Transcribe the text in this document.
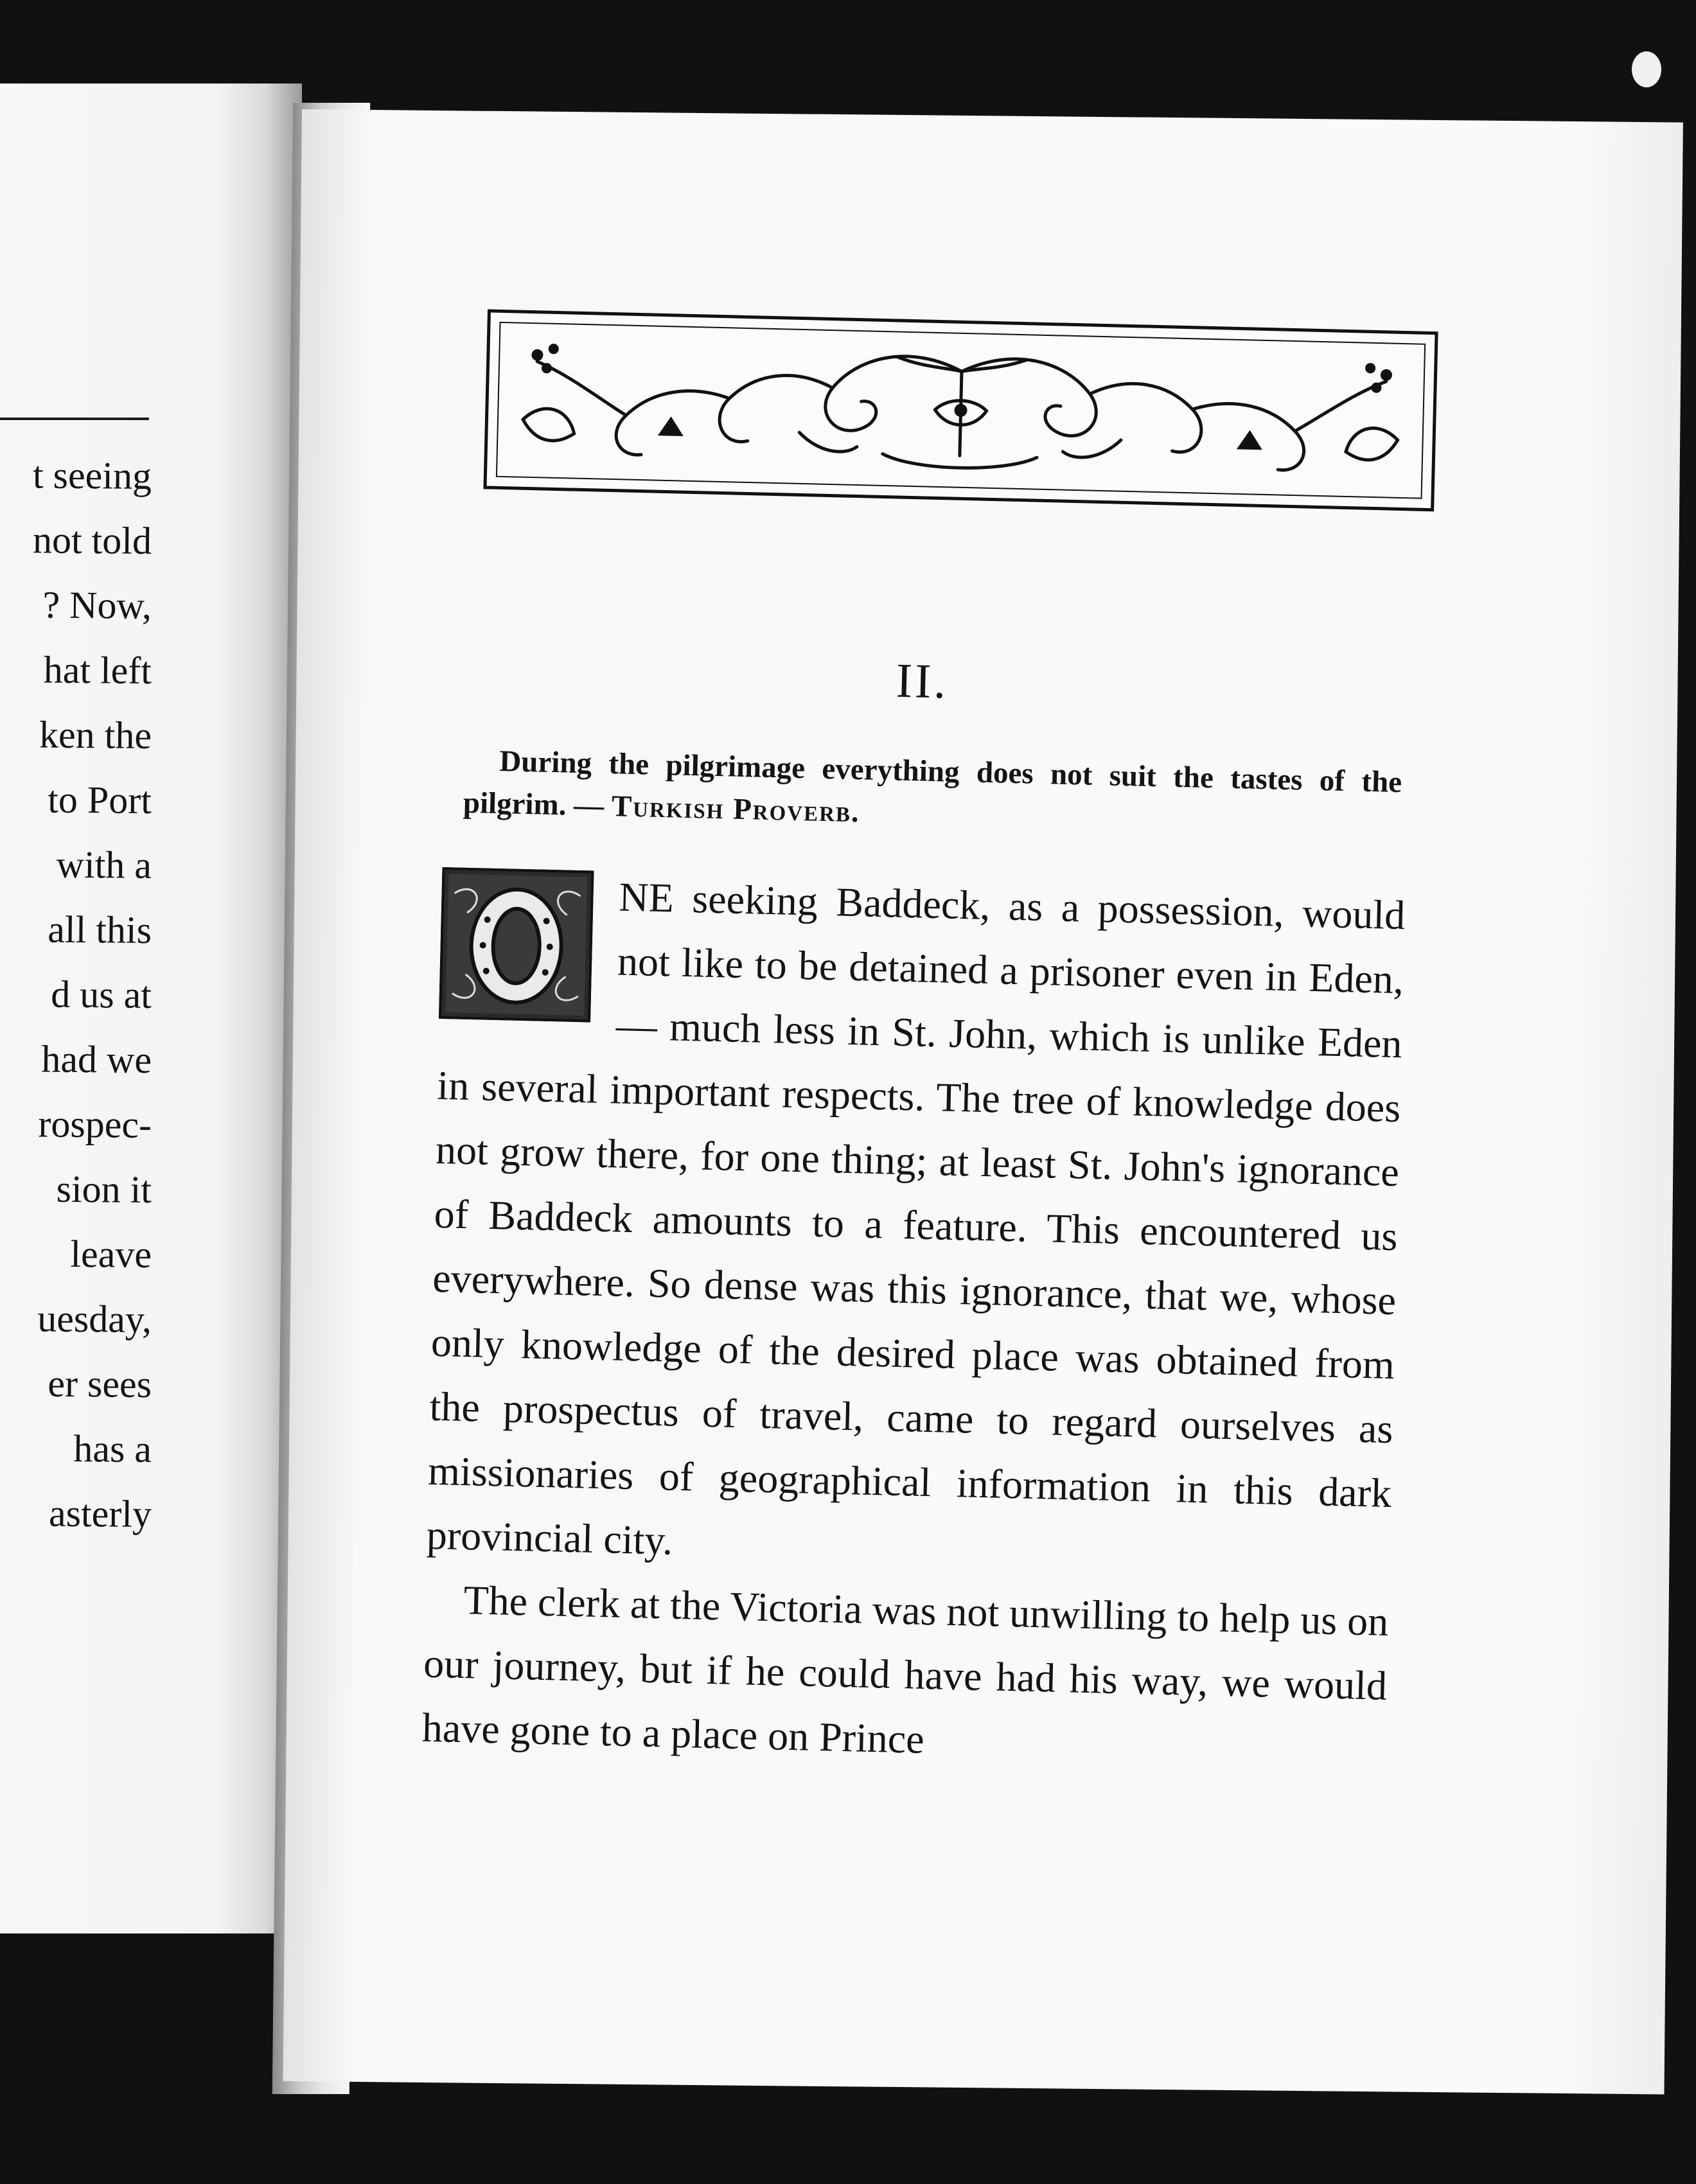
t seeing
not told
? Now,
hat left
ken the
to Port
with a
all this
d us at
had we
rospec-
sion it
leave
uesday,
er sees
has a
asterly
II.
During the pilgrimage everything does not suit the tastes of the pilgrim. — Turkish Proverb.
O

NE seeking Baddeck, as a possession, would not like to be detained a prisoner even in Eden, — much less in St. John, which is unlike Eden in several important respects. The tree of knowledge does not grow there, for one thing; at least St. John's ignorance of Baddeck amounts to a feature. This encountered us everywhere. So dense was this ignorance, that we, whose only knowledge of the desired place was obtained from the prospectus of travel, came to regard ourselves as missionaries of geographical information in this dark provincial city.

The clerk at the Victoria was not unwilling to help us on our journey, but if he could have had his way, we would have gone to a place on Prince
